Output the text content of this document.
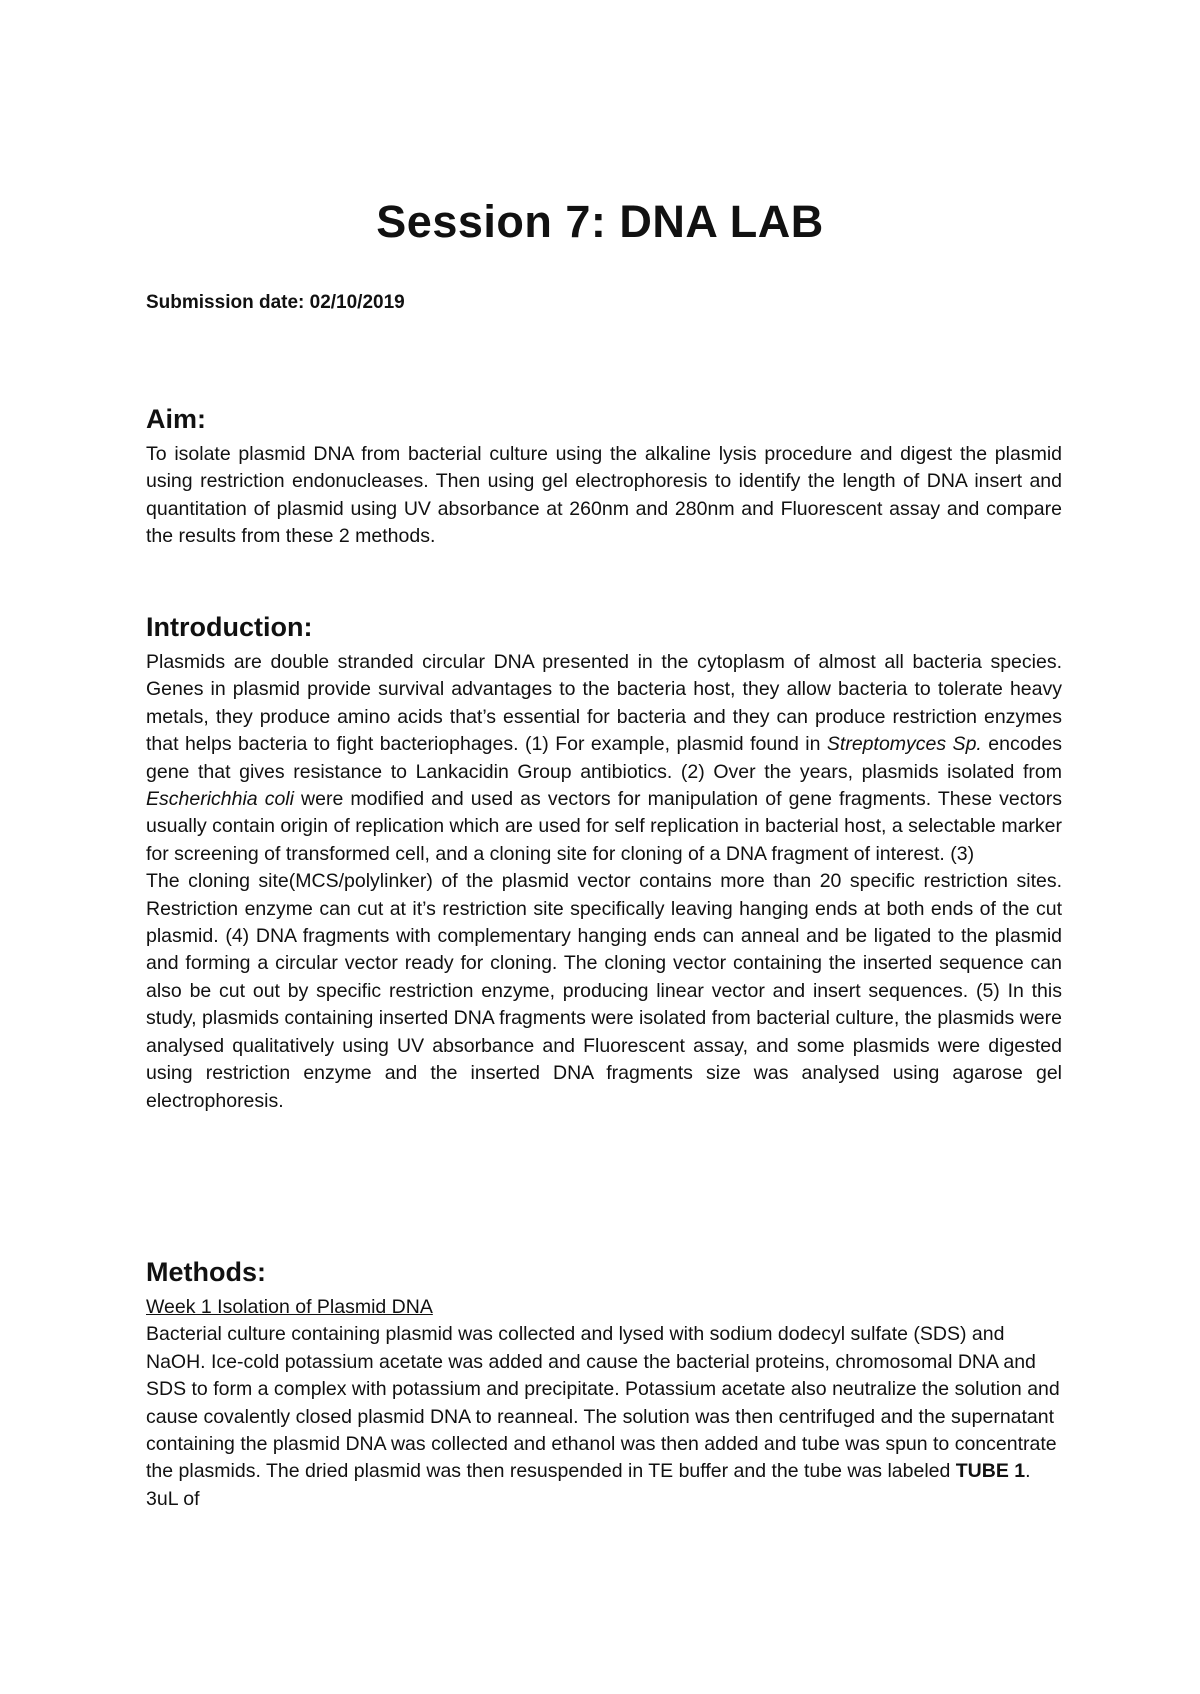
Session 7: DNA LAB
Submission date: 02/10/2019
Aim:

To isolate plasmid DNA from bacterial culture using the alkaline lysis procedure and digest the plasmid using restriction endonucleases. Then using gel electrophoresis to identify the length of DNA insert and quantitation of plasmid using UV absorbance at 260nm and 280nm and Fluorescent assay and compare the results from these 2 methods.

Introduction:

Plasmids are double stranded circular DNA presented in the cytoplasm of almost all bacteria species. Genes in plasmid provide survival advantages to the bacteria host, they allow bacteria to tolerate heavy metals, they produce amino acids that’s essential for bacteria and they can produce restriction enzymes that helps bacteria to fight bacteriophages. (1) For example, plasmid found in Streptomyces Sp. encodes gene that gives resistance to Lankacidin Group antibiotics. (2) Over the years, plasmids isolated from Escherichhia coli were modified and used as vectors for manipulation of gene fragments. These vectors usually contain origin of replication which are used for self replication in bacterial host, a selectable marker for screening of transformed cell, and a cloning site for cloning of a DNA fragment of interest. (3)

The cloning site(MCS/polylinker) of the plasmid vector contains more than 20 specific restriction sites. Restriction enzyme can cut at it’s restriction site specifically leaving hanging ends at both ends of the cut plasmid. (4) DNA fragments with complementary hanging ends can anneal and be ligated to the plasmid and forming a circular vector ready for cloning. The cloning vector containing the inserted sequence can also be cut out by specific restriction enzyme, producing linear vector and insert sequences. (5) In this study, plasmids containing inserted DNA fragments were isolated from bacterial culture, the plasmids were analysed qualitatively using UV absorbance and Fluorescent assay, and some plasmids were digested using restriction enzyme and the inserted DNA fragments size was analysed using agarose gel electrophoresis.

Methods:
Week 1 Isolation of Plasmid DNA

Bacterial culture containing plasmid was collected and lysed with sodium dodecyl sulfate (SDS) and NaOH. Ice-cold potassium acetate was added and cause the bacterial proteins, chromosomal DNA and SDS to form a complex with potassium and precipitate. Potassium acetate also neutralize the solution and cause covalently closed plasmid DNA to reanneal. The solution was then centrifuged and the supernatant containing the plasmid DNA was collected and ethanol was then added and tube was spun to concentrate the plasmids. The dried plasmid was then resuspended in TE buffer and the tube was labeled TUBE 1. 3uL of
